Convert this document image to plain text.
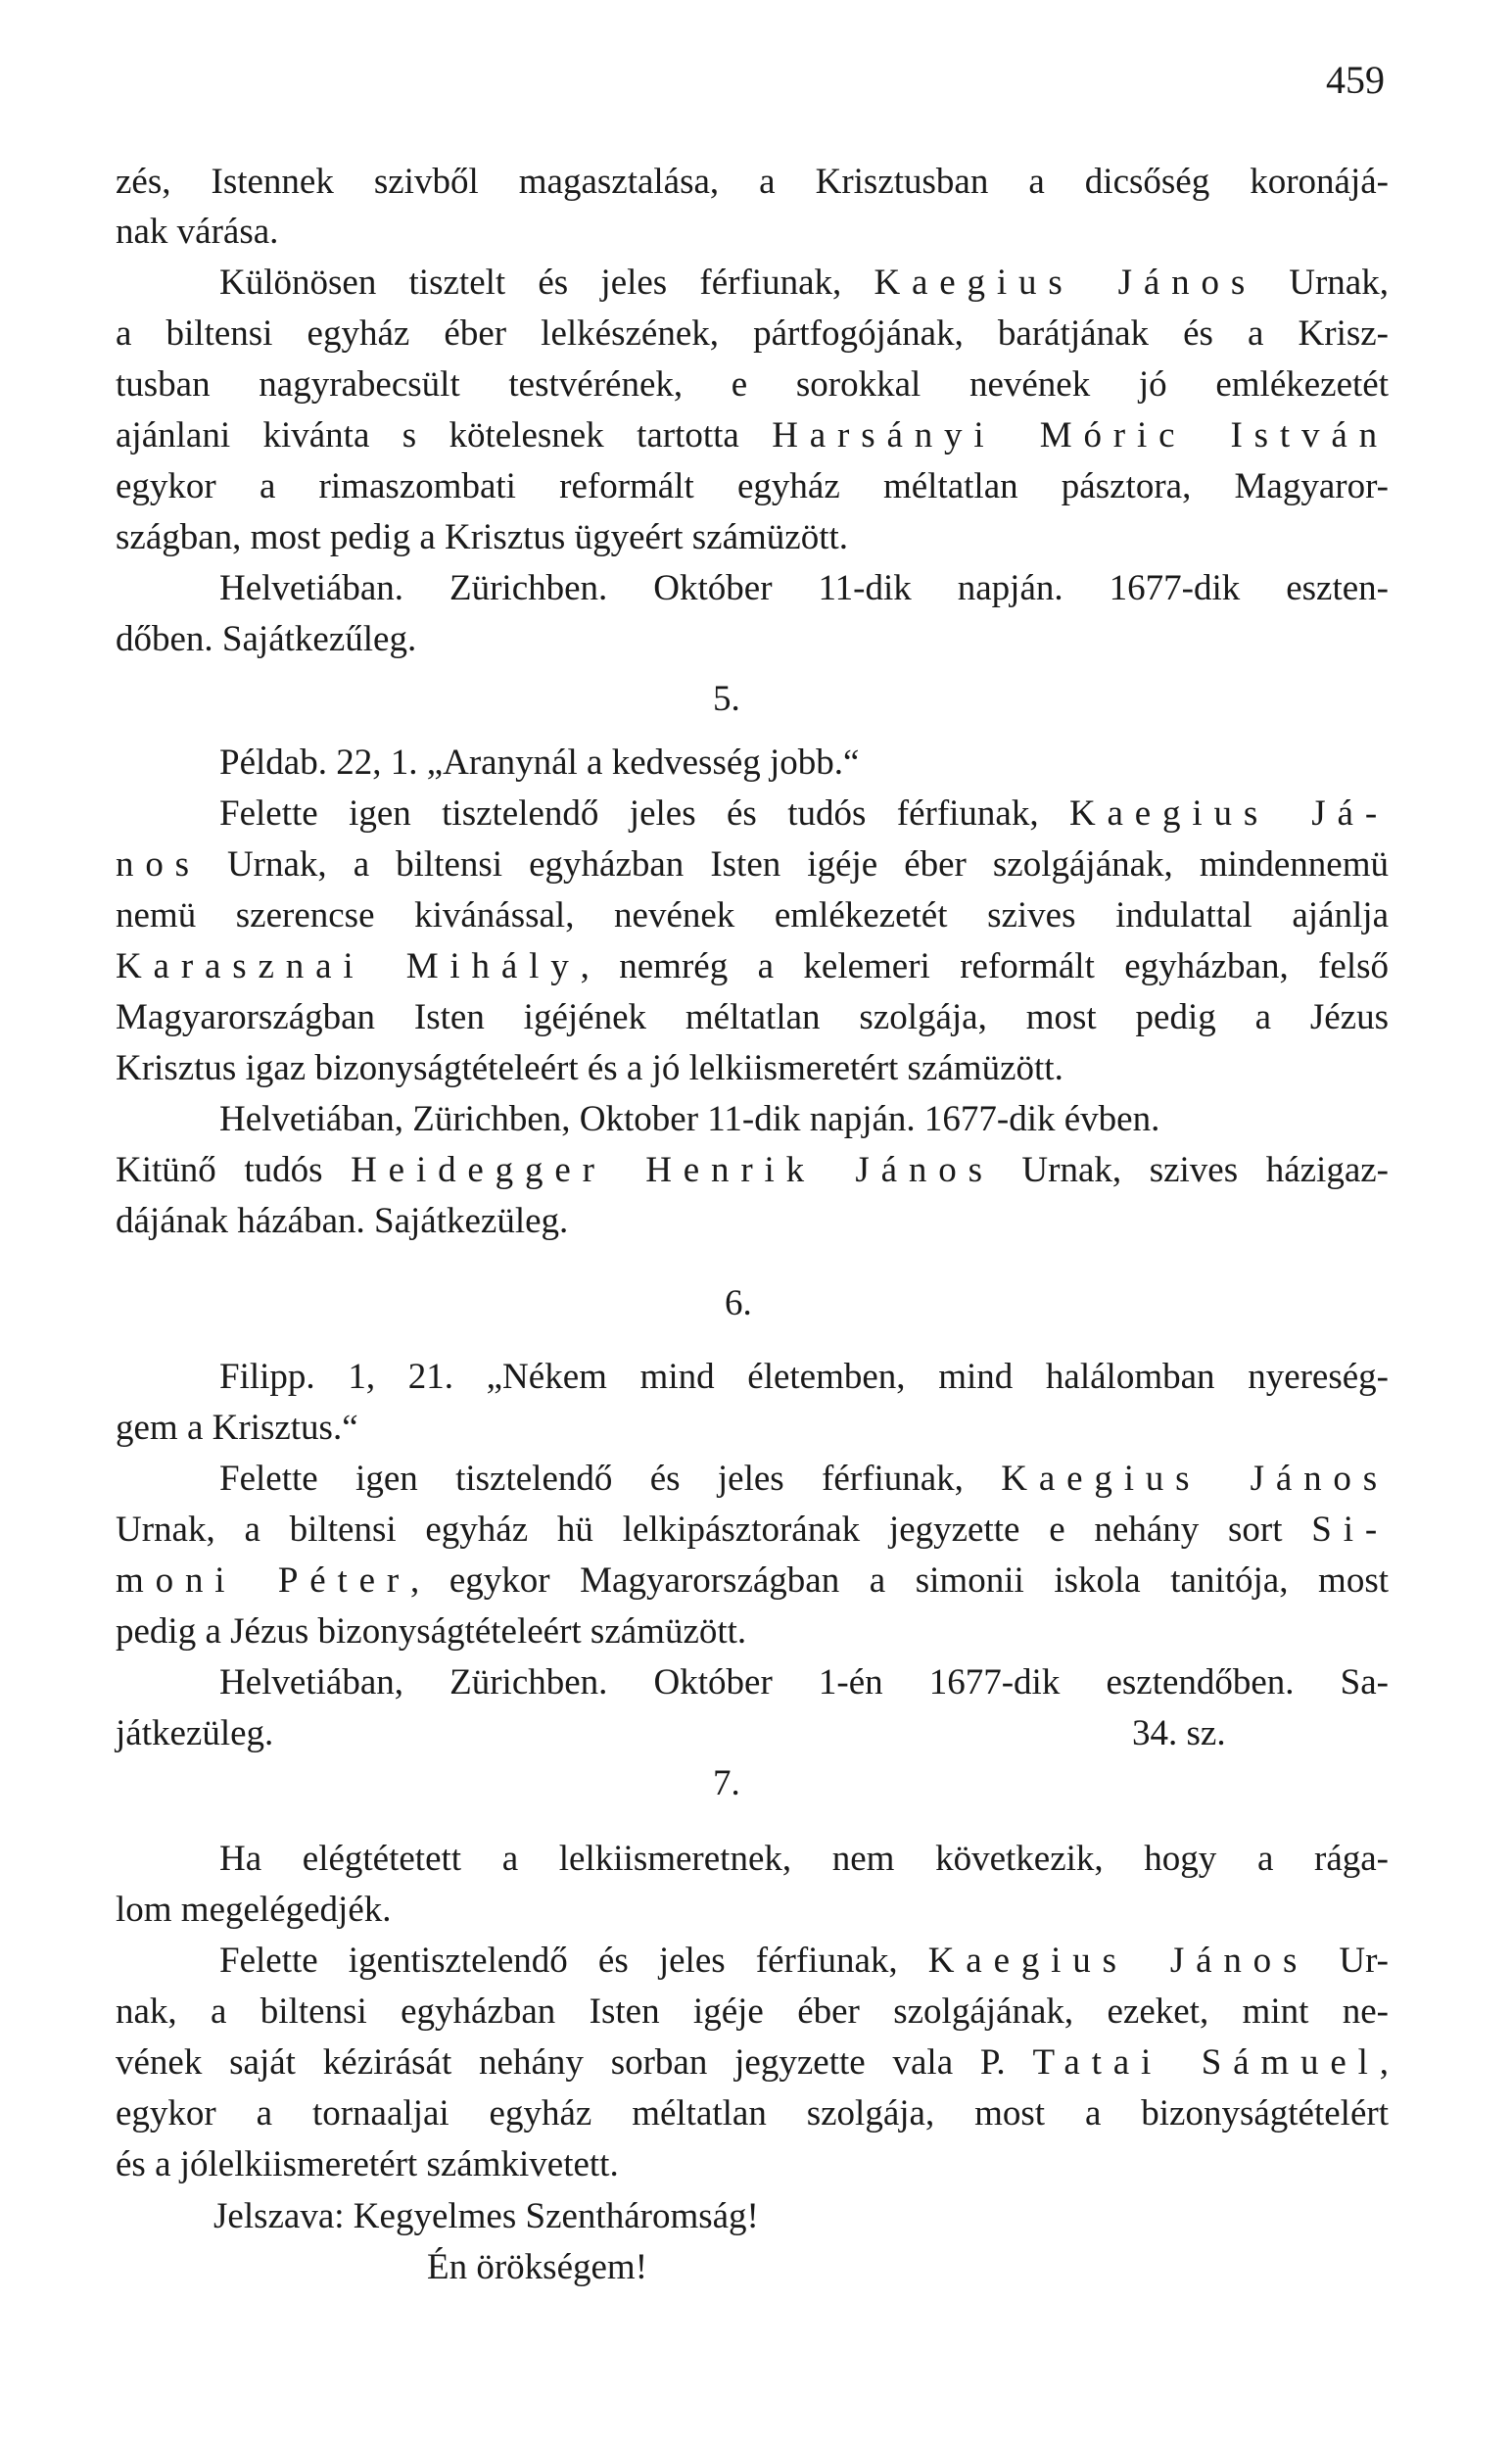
459
zés, Istennek szivből magasztalása, a Krisztusban a dicsőség koronájá-
nak várása.
Különösen tisztelt és jeles férfiunak, Kaegius János Urnak,
a biltensi egyház éber lelkészének, pártfogójának, barátjának és a Krisz-
tusban nagyrabecsült testvérének, e sorokkal nevének jó emlékezetét
ajánlani kivánta s kötelesnek tartotta Harsányi Móric István
egykor a rimaszombati reformált egyház méltatlan pásztora, Magyaror-
szágban, most pedig a Krisztus ügyeért számüzött.
Helvetiában. Zürichben. Október 11-dik napján. 1677-dik eszten-
dőben. Sajátkezűleg.
5.
Példab. 22, 1. „Aranynál a kedvesség jobb.“
Felette igen tisztelendő jeles és tudós férfiunak, Kaegius Já-
nos Urnak, a biltensi egyházban Isten igéje éber szolgájának, mindennemü
nemü szerencse kivánással, nevének emlékezetét szives indulattal ajánlja
Karasznai Mihály, nemrég a kelemeri reformált egyházban, felső
Magyarországban Isten igéjének méltatlan szolgája, most pedig a Jézus
Krisztus igaz bizonyságtételeért és a jó lelkiismeretért számüzött.
Helvetiában, Zürichben, Oktober 11-dik napján. 1677-dik évben.
Kitünő tudós Heidegger Henrik János Urnak, szives házigaz-
dájának házában. Sajátkezüleg.
6.
Filipp. 1, 21. „Nékem mind életemben, mind halálomban nyereség-
gem a Krisztus.“
Felette igen tisztelendő és jeles férfiunak, Kaegius János
Urnak, a biltensi egyház hü lelkipásztorának jegyzette e nehány sort Si-
moni Péter, egykor Magyarországban a simonii iskola tanitója, most
pedig a Jézus bizonyságtételeért számüzött.
Helvetiában, Zürichben. Október 1-én 1677-dik esztendőben. Sa-
játkezüleg.	34. sz.
7.
Ha elégtétetett a lelkiismeretnek, nem következik, hogy a rága-
lom megelégedjék.
Felette igentisztelendő és jeles férfiunak, Kaegius János Ur-
nak, a biltensi egyházban Isten igéje éber szolgájának, ezeket, mint ne-
vének saját kézirását nehány sorban jegyzette vala P. Tatai Sámuel,
egykor a tornaaljai egyház méltatlan szolgája, most a bizonyságtételért
és a jólelkiismeretért számkivetett.
Jelszava: Kegyelmes Szentháromság!
Én örökségem!
